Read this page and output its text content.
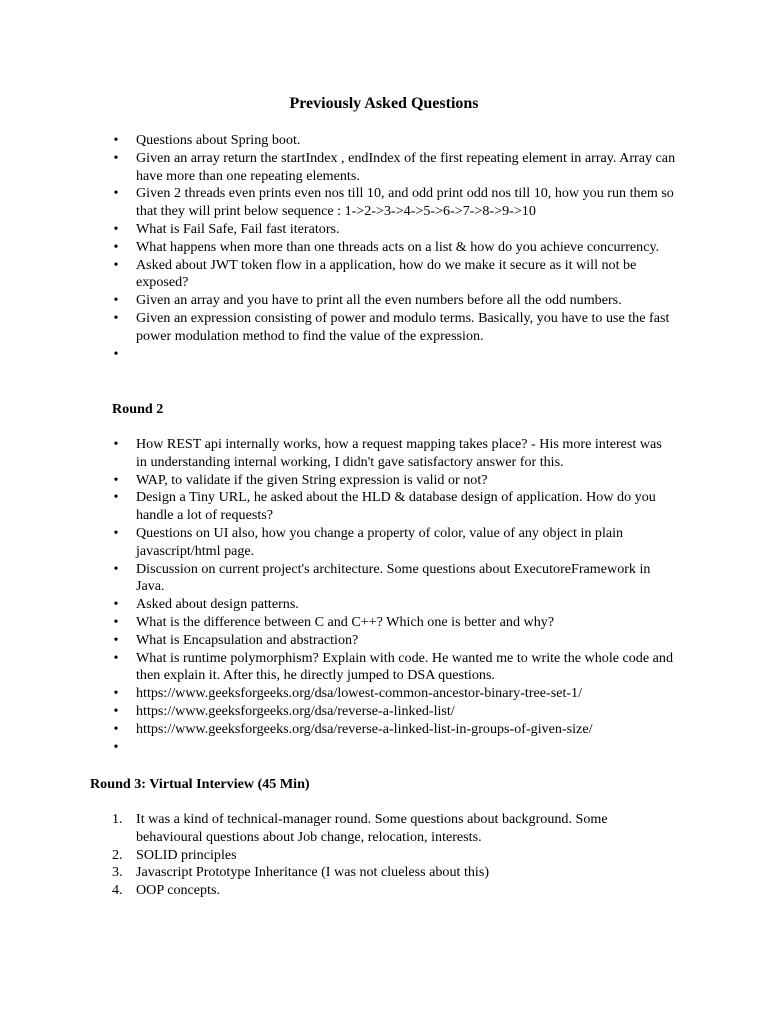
Previously Asked Questions
• Questions about Spring boot.
• Given an array return the startIndex , endIndex of the first repeating element in array. Array can have more than one repeating elements.
• Given 2 threads even prints even nos till 10, and odd print odd nos till 10, how you run them so that they will print below sequence : 1->2->3->4->5->6->7->8->9->10
• What is Fail Safe, Fail fast iterators.
• What happens when more than one threads acts on a list & how do you achieve concurrency.
• Asked about JWT token flow in a application, how do we make it secure as it will not be exposed?
• Given an array and you have to print all the even numbers before all the odd numbers.
• Given an expression consisting of power and modulo terms. Basically, you have to use the fast power modulation method to find the value of the expression.
•
Round 2
• How REST api internally works, how a request mapping takes place? - His more interest was in understanding internal working, I didn't gave satisfactory answer for this.
• WAP, to validate if the given String expression is valid or not?
• Design a Tiny URL, he asked about the HLD & database design of application. How do you handle a lot of requests?
• Questions on UI also, how you change a property of color, value of any object in plain javascript/html page.
• Discussion on current project's architecture. Some questions about ExecutoreFramework in Java.
• Asked about design patterns.
• What is the difference between C and C++? Which one is better and why?
• What is Encapsulation and abstraction?
• What is runtime polymorphism? Explain with code. He wanted me to write the whole code and then explain it. After this, he directly jumped to DSA questions.
• https://www.geeksforgeeks.org/dsa/lowest-common-ancestor-binary-tree-set-1/
• https://www.geeksforgeeks.org/dsa/reverse-a-linked-list/
• https://www.geeksforgeeks.org/dsa/reverse-a-linked-list-in-groups-of-given-size/
•
Round 3: Virtual Interview (45 Min)
1. It was a kind of technical-manager round. Some questions about background. Some behavioural questions about Job change, relocation, interests.
2. SOLID principles
3. Javascript Prototype Inheritance (I was not clueless about this)
4. OOP concepts.
